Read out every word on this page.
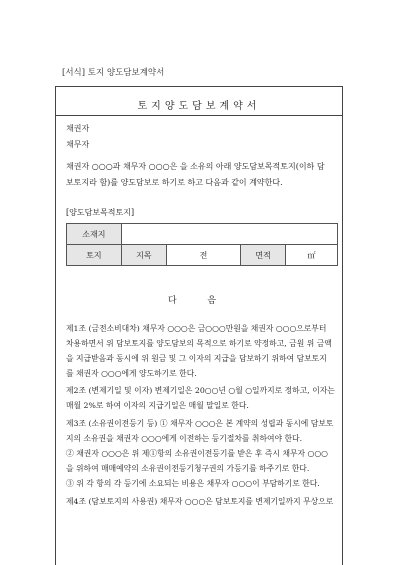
[서식] 토지 양도담보계약서
토지양도담보계약서
채권자
채무자
채권자 ○○○과 채무자 ○○○은 을 소유의 아래 양도담보목적토지(이하 담보토지라 함)를 양도담보로 하기로 하고 다음과 같이 계약한다.
[양도담보목적토지]
소재지				
토지	지목	전	면적	㎡
다 음
제1조 (금전소비대차) 채무자 ○○○은 금○○○만원을 채권자 ○○○으로부터
차용하면서 위 담보토지를 양도담보의 목적으로 하기로 약정하고, 금원 위 금액
을 지급받음과 동시에 위 원금 및 그 이자의 지급을 담보하기 위하여 담보토지
를 채권자 ○○○에게 양도하기로 한다.
제2조 (변제기일 및 이자) 변제기일은 20○○년 ○월 ○일까지로 정하고, 이자는
매월 2%로 하여 이자의 지급기일은 매월 말일로 한다.
제3조 (소유권이전등기 등) ① 채무자 ○○○은 본 계약의 성립과 동시에 담보토
지의 소유권을 채권자 ○○○에게 이전하는 등기절차를 취하여야 한다.
② 채권자 ○○○은 위 제①항의 소유권이전등기를 받은 후 즉시 채무자 ○○○
을 위하여 매매예약의 소유권이전등기청구권의 가등기를 하주기로 한다.
③ 위 각 항의 각 등기에 소요되는 비용은 채무자 ○○○이 부담하기로 한다.
제4조 (담보토지의 사용권) 채무자 ○○○은 담보토지를 변제기일까지 무상으로
